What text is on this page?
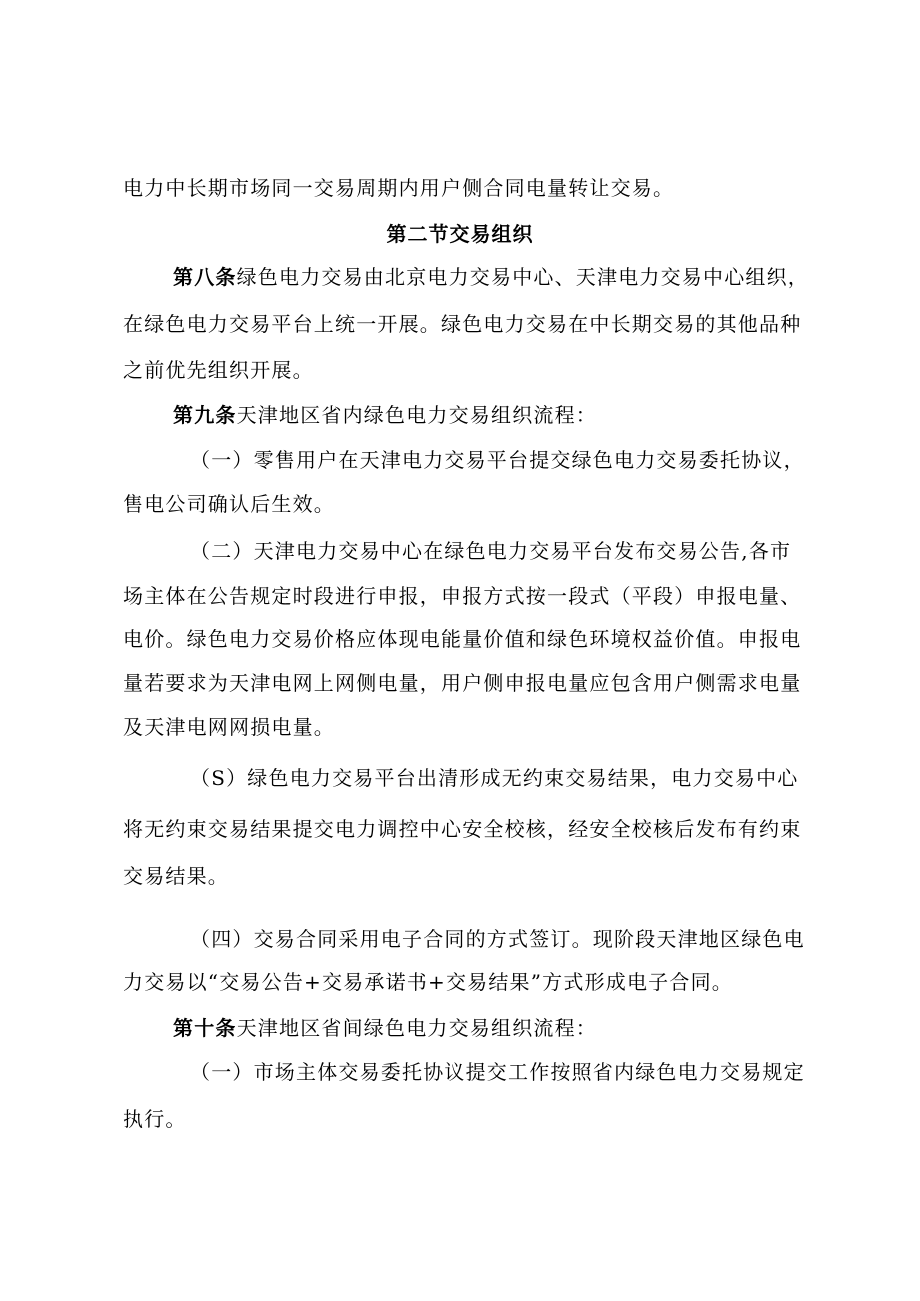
电力中长期市场同一交易周期内用户侧合同电量转让交易。
第二节交易组织
第八条绿色电力交易由北京电力交易中心、天津电力交易中心组织，
在绿色电力交易平台上统一开展。绿色电力交易在中长期交易的其他品种
之前优先组织开展。
第九条天津地区省内绿色电力交易组织流程：
（一）零售用户在天津电力交易平台提交绿色电力交易委托协议，
售电公司确认后生效。
（二）天津电力交易中心在绿色电力交易平台发布交易公告,各市
场主体在公告规定时段进行申报，申报方式按一段式（平段）申报电量、
电价。绿色电力交易价格应体现电能量价值和绿色环境权益价值。申报电
量若要求为天津电网上网侧电量，用户侧申报电量应包含用户侧需求电量
及天津电网网损电量。
（S）绿色电力交易平台出清形成无约束交易结果，电力交易中心
将无约束交易结果提交电力调控中心安全校核，经安全校核后发布有约束
交易结果。
（四）交易合同采用电子合同的方式签订。现阶段天津地区绿色电
力交易以“交易公告+交易承诺书+交易结果”方式形成电子合同。
第十条天津地区省间绿色电力交易组织流程：
（一）市场主体交易委托协议提交工作按照省内绿色电力交易规定
执行。
